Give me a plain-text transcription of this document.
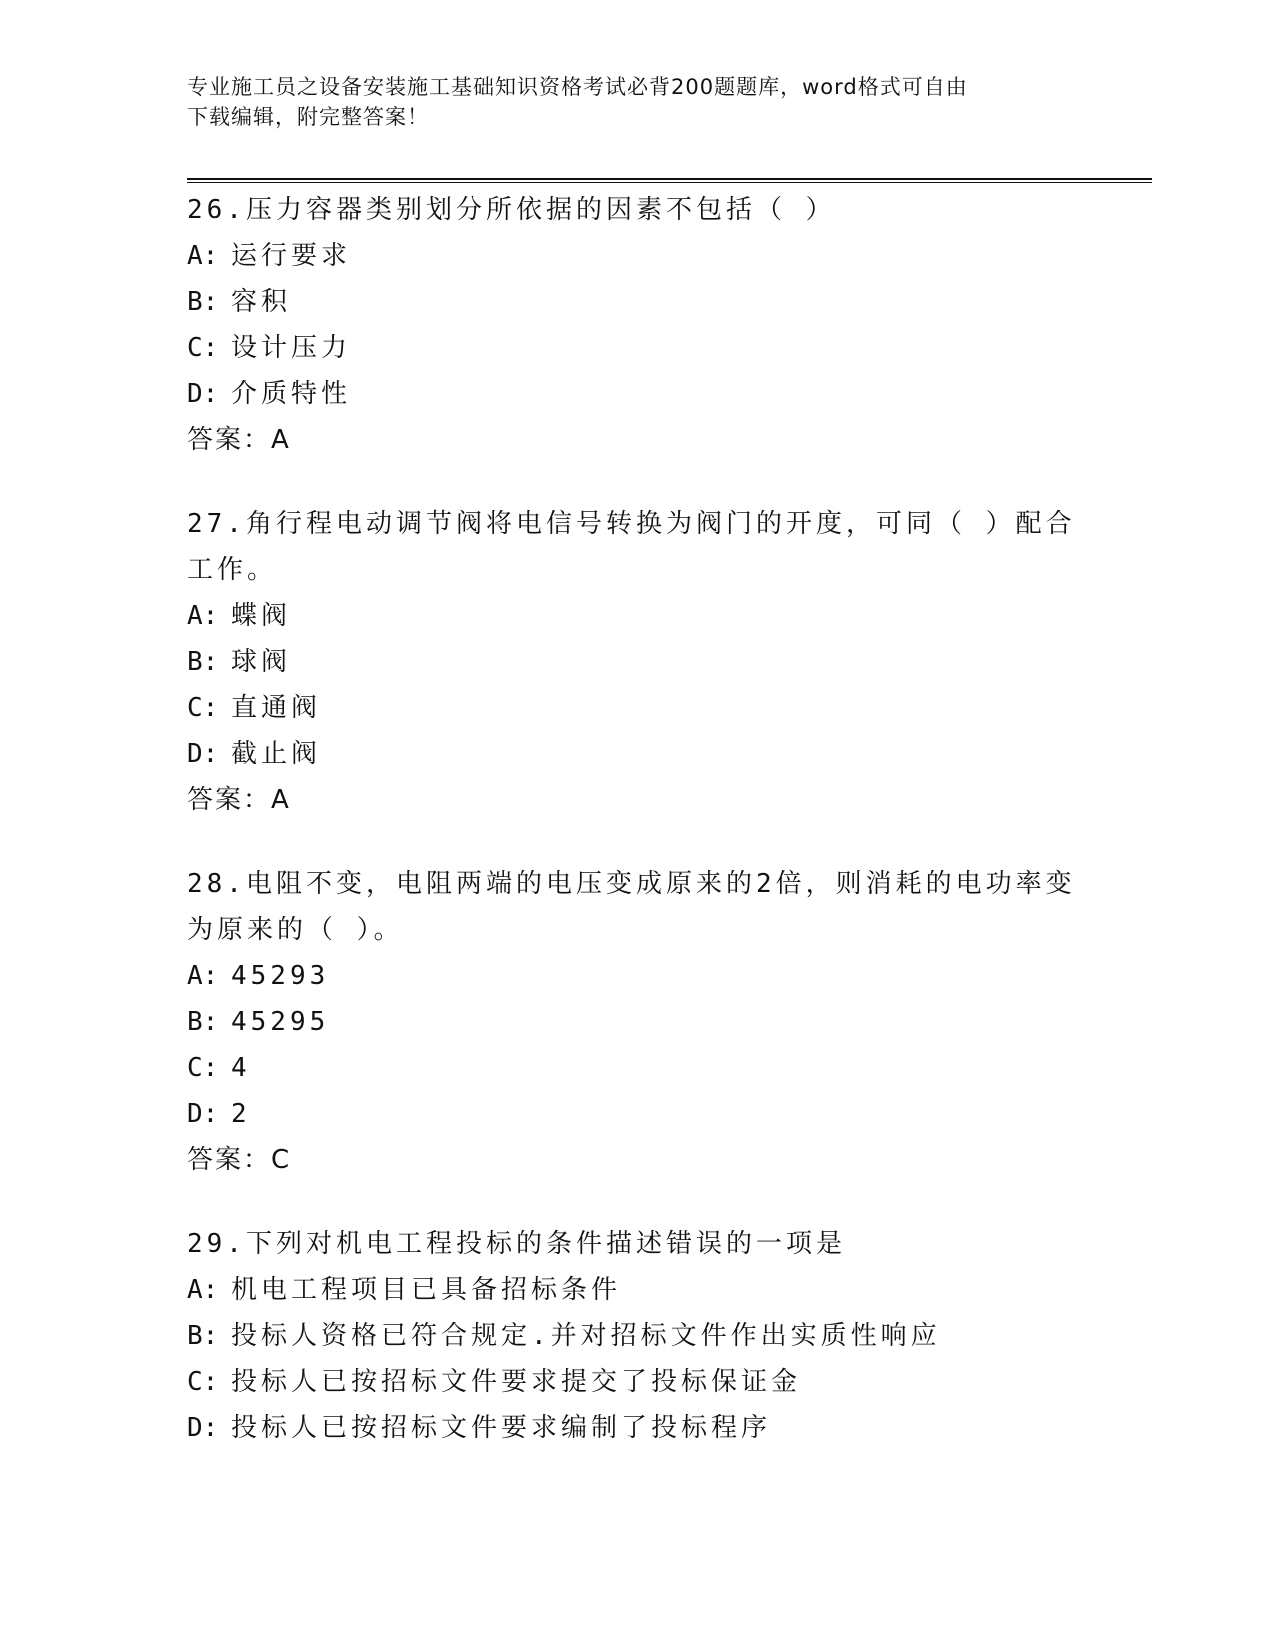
专业施工员之设备安装施工基础知识资格考试必背200题题库，word格式可自由
下载编辑，附完整答案！
26.压力容器类别划分所依据的因素不包括（ ）
A: 运行要求
B: 容积
C: 设计压力
D: 介质特性
答案：A
27.角行程电动调节阀将电信号转换为阀门的开度，可同（ ）配合工作。
A: 蝶阀
B: 球阀
C: 直通阀
D: 截止阀
答案：A
28.电阻不变，电阻两端的电压变成原来的2倍，则消耗的电功率变为原来的（ ）。
A: 45293
B: 45295
C: 4
D: 2
答案：C
29.下列对机电工程投标的条件描述错误的一项是
A: 机电工程项目已具备招标条件
B: 投标人资格已符合规定.并对招标文件作出实质性响应
C: 投标人已按招标文件要求提交了投标保证金
D: 投标人已按招标文件要求编制了投标程序
